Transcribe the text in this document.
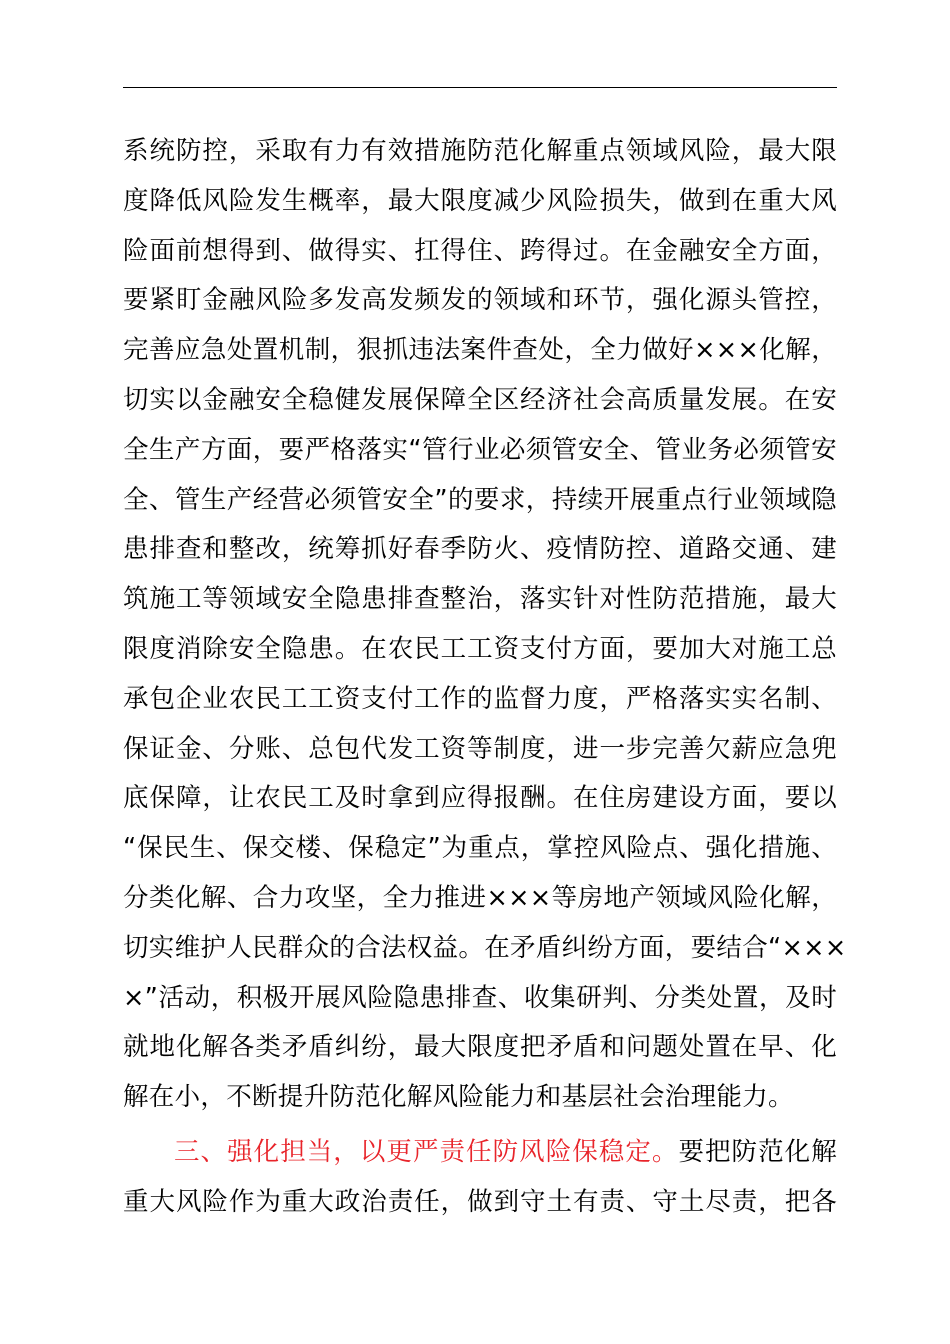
系统防控，采取有力有效措施防范化解重点领域风险，最大限
度降低风险发生概率，最大限度减少风险损失，做到在重大风
险面前想得到、做得实、扛得住、跨得过。在金融安全方面，
要紧盯金融风险多发高发频发的领域和环节，强化源头管控，
完善应急处置机制，狠抓违法案件查处，全力做好×××化解，
切实以金融安全稳健发展保障全区经济社会高质量发展。在安
全生产方面，要严格落实“管行业必须管安全、管业务必须管安
全、管生产经营必须管安全”的要求，持续开展重点行业领域隐
患排查和整改，统筹抓好春季防火、疫情防控、道路交通、建
筑施工等领域安全隐患排查整治，落实针对性防范措施，最大
限度消除安全隐患。在农民工工资支付方面，要加大对施工总
承包企业农民工工资支付工作的监督力度，严格落实实名制、
保证金、分账、总包代发工资等制度，进一步完善欠薪应急兜
底保障，让农民工及时拿到应得报酬。在住房建设方面，要以
“保民生、保交楼、保稳定”为重点，掌控风险点、强化措施、
分类化解、合力攻坚，全力推进×××等房地产领域风险化解，
切实维护人民群众的合法权益。在矛盾纠纷方面，要结合“×××
×”活动，积极开展风险隐患排查、收集研判、分类处置，及时
就地化解各类矛盾纠纷，最大限度把矛盾和问题处置在早、化
解在小，不断提升防范化解风险能力和基层社会治理能力。
三、强化担当，以更严责任防风险保稳定。要把防范化解
重大风险作为重大政治责任，做到守土有责、守土尽责，把各
